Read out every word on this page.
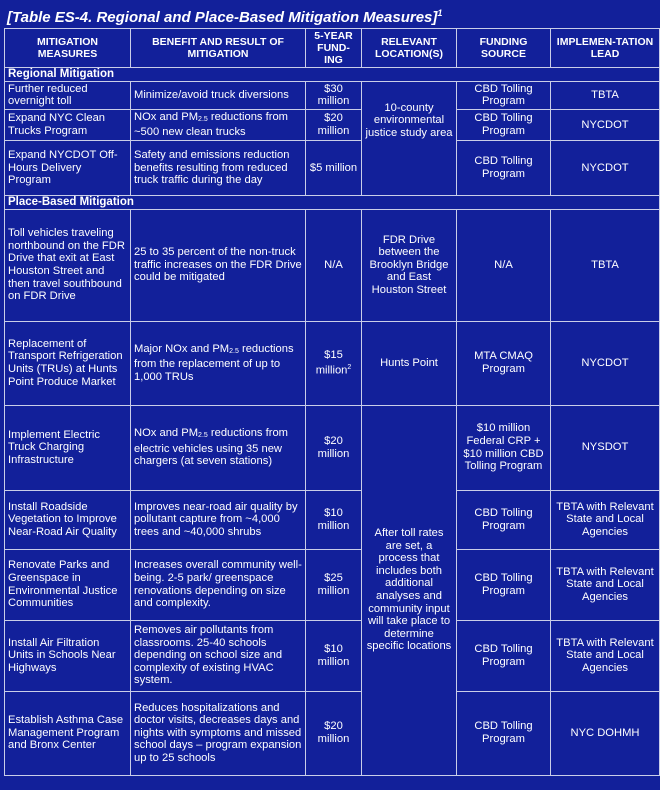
[Table ES-4. Regional and Place-Based Mitigation Measures]$^1$
MITIGATION MEASURES	BENEFIT AND RESULT OF MITIGATION	5-YEAR FUND-ING	RELEVANT LOCATION(S)	FUNDING SOURCE	IMPLEMEN-TATION LEAD
Regional Mitigation					
Further reduced overnight toll	Minimize/avoid truck diversions	$30 million	10-county environmental justice study area	CBD Tolling Program	TBTA
Expand NYC Clean Trucks Program	NOx and $PM_{2.5}$ reductions from ~500 new clean trucks	$20 million		CBD Tolling Program	NYCDOT
Expand NYCDOT Off-Hours Delivery Program	Safety and emissions reduction benefits resulting from reduced truck traffic during the day	$5 million		CBD Tolling Program	NYCDOT
Place-Based Mitigation					
Toll vehicles traveling northbound on the FDR Drive that exit at East Houston Street and then travel southbound on FDR Drive	25 to 35 percent of the non-truck traffic increases on the FDR Drive could be mitigated	N/A	FDR Drive between the Brooklyn Bridge and East Houston Street	N/A	TBTA
Replacement of Transport Refrigeration Units (TRUs) at Hunts Point Produce Market	Major NOx and $PM_{2.5}$ reductions from the replacement of up to 1,000 TRUs	$15 million$^2$	Hunts Point	MTA CMAQ Program	NYCDOT
Implement Electric Truck Charging Infrastructure	NOx and $PM_{2.5}$ reductions from electric vehicles using 35 new chargers (at seven stations)	$20 million	After toll rates are set, a process that includes both additional analyses and community input will take place to determine specific locations	$10 million Federal CRP + $10 million CBD Tolling Program	NYSDOT
Install Roadside Vegetation to Improve Near-Road Air Quality	Improves near-road air quality by pollutant capture from ~4,000 trees and ~40,000 shrubs	$10 million		CBD Tolling Program	TBTA with Relevant State and Local Agencies
Renovate Parks and Greenspace in Environmental Justice Communities	Increases overall community well-being. 2-5 park/ greenspace renovations depending on size and complexity.	$25 million		CBD Tolling Program	TBTA with Relevant State and Local Agencies
Install Air Filtration Units in Schools Near Highways	Removes air pollutants from classrooms. 25-40 schools depending on school size and complexity of existing HVAC system.	$10 million		CBD Tolling Program	TBTA with Relevant State and Local Agencies
Establish Asthma Case Management Program and Bronx Center	Reduces hospitalizations and doctor visits, decreases days and nights with symptoms and missed school days – program expansion up to 25 schools	$20 million		CBD Tolling Program	NYC DOHMH
